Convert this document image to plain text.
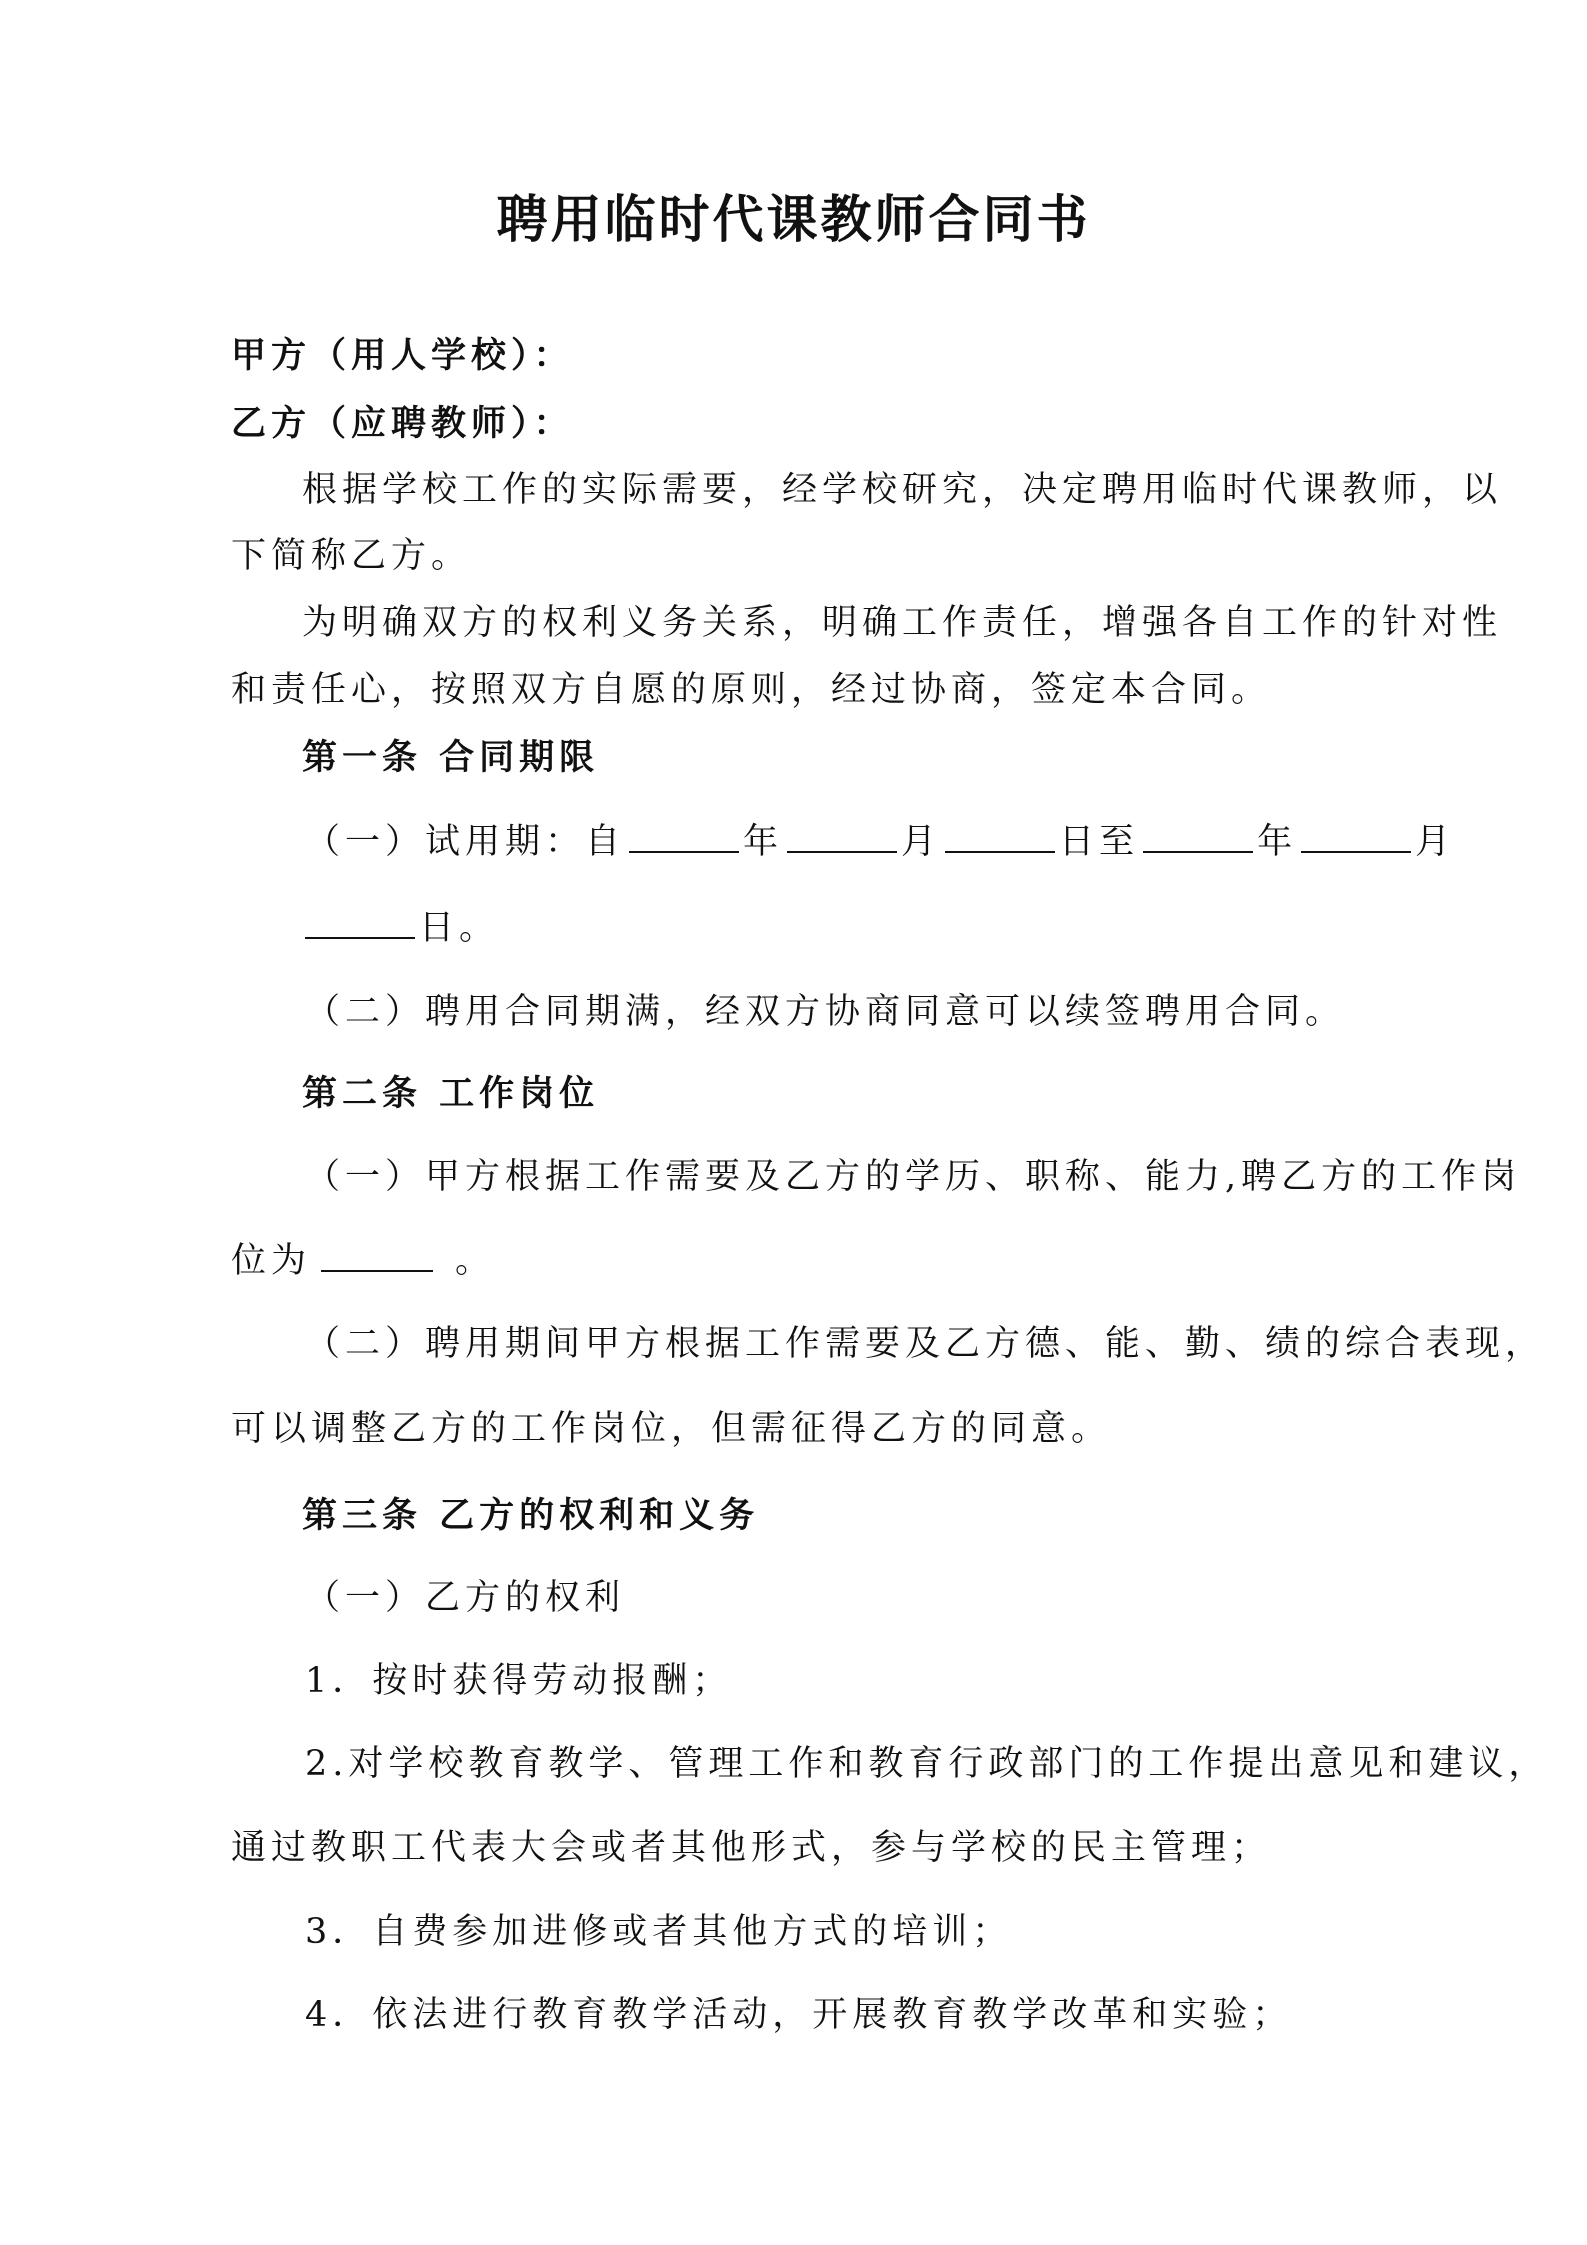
聘用临时代课教师合同书
甲方（用人学校）：
乙方（应聘教师）：
根据学校工作的实际需要，经学校研究，决定聘用临时代课教师，以
下简称乙方。
为明确双方的权利义务关系，明确工作责任，增强各自工作的针对性
和责任心，按照双方自愿的原则，经过协商，签定本合同。
第一条 合同期限
（一）试用期：自	年	月	日至	年	月
日。
（二）聘用合同期满，经双方协商同意可以续签聘用合同。
第二条 工作岗位
（一）甲方根据工作需要及乙方的学历、职称、能力,聘乙方的工作岗
位为	。
（二）聘用期间甲方根据工作需要及乙方德、能、勤、绩的综合表现，
可以调整乙方的工作岗位，但需征得乙方的同意。
第三条 乙方的权利和义务
（一）乙方的权利
1．按时获得劳动报酬；
2.对学校教育教学、管理工作和教育行政部门的工作提出意见和建议，
通过教职工代表大会或者其他形式，参与学校的民主管理；
3．自费参加进修或者其他方式的培训；
4．依法进行教育教学活动，开展教育教学改革和实验；
